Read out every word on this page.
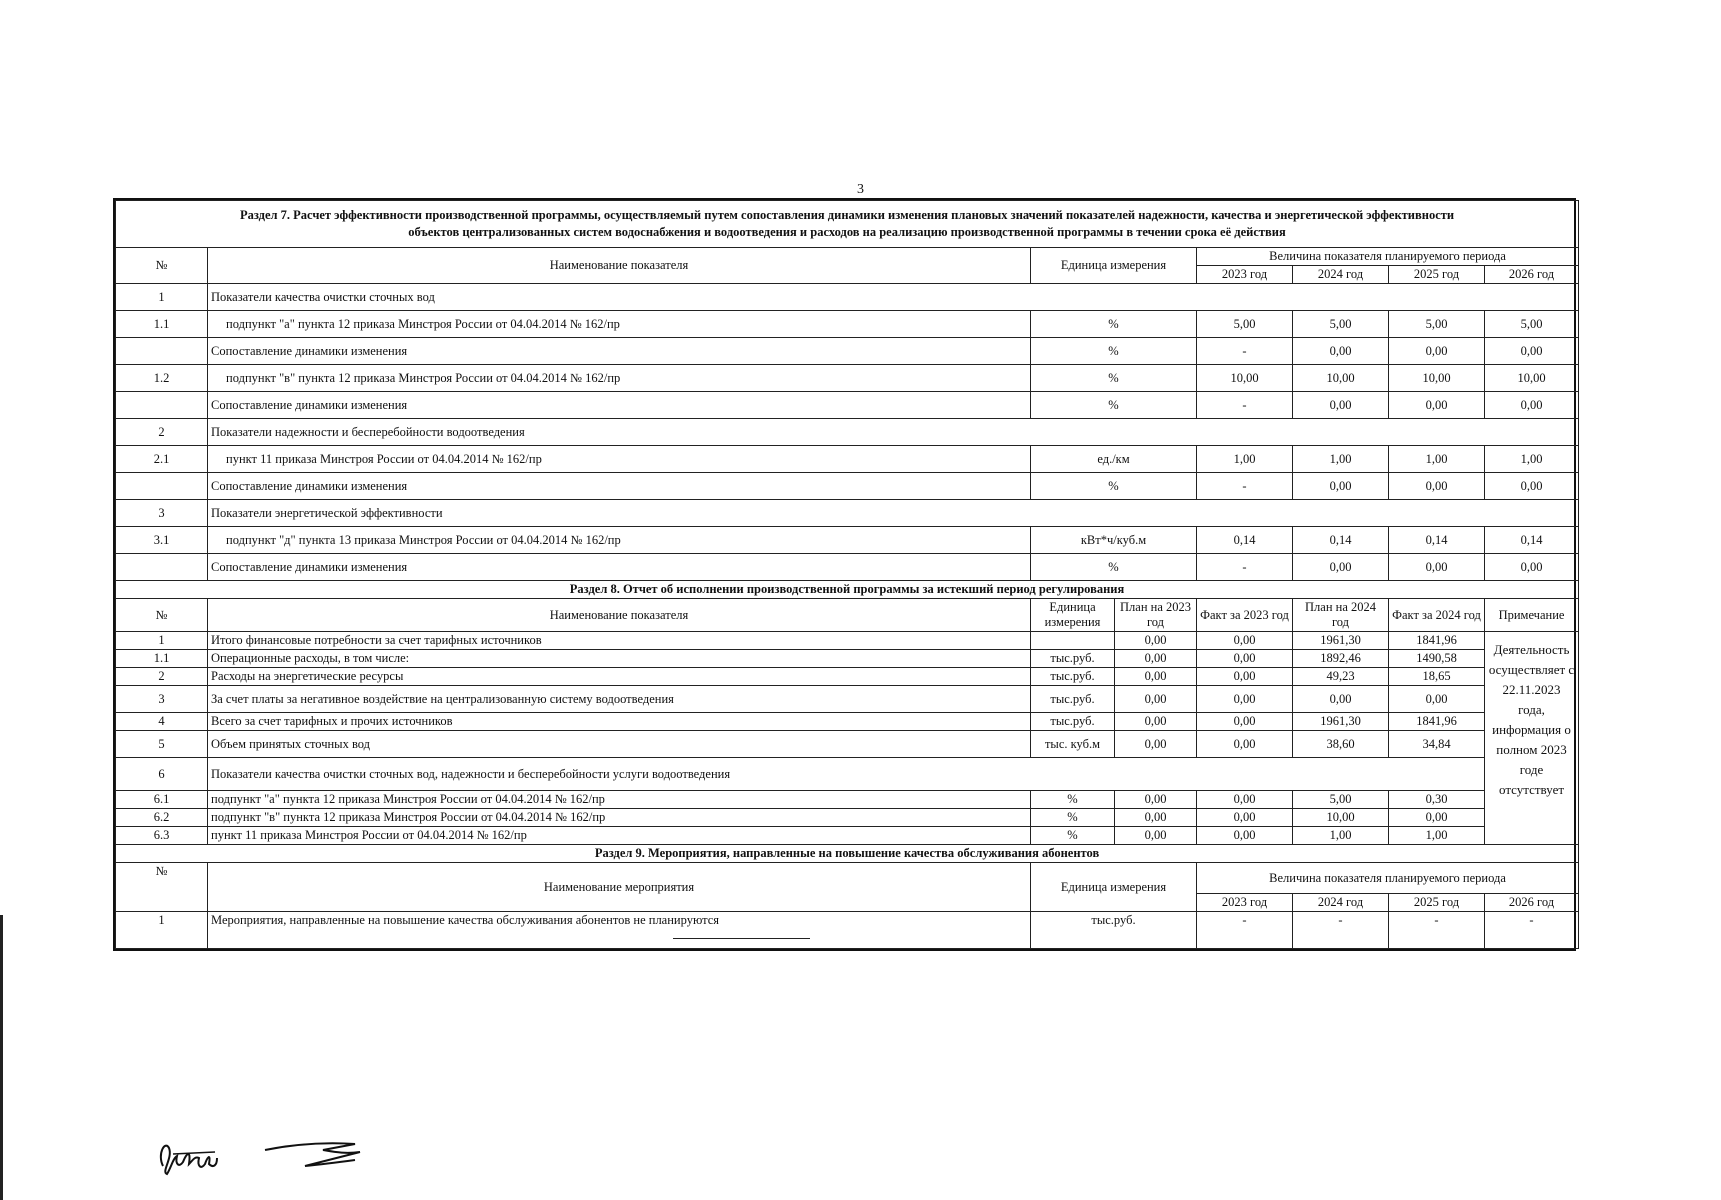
3
Раздел 7. Расчет эффективности производственной программы, осуществляемый путем сопоставления динамики изменения плановых значений показателей надежности, качества и энергетической эффективности
объектов централизованных систем водоснабжения и водоотведения и расходов на реализацию производственной программы в течении срока её действия							

№	Наименование показателя	Единица измерения		Величина показателя планируемого периода			
				2023 год	2024 год	2025 год	2026 год
1	Показатели качества очистки сточных вод						
1.1	подпункт "а" пункта 12 приказа Минстроя России от 04.04.2014 № 162/пр	%		5,00	5,00	5,00	5,00
	Сопоставление динамики изменения	%		-	0,00	0,00	0,00
1.2	подпункт "в" пункта 12 приказа Минстроя России от 04.04.2014 № 162/пр	%		10,00	10,00	10,00	10,00
	Сопоставление динамики изменения	%		-	0,00	0,00	0,00
2	Показатели надежности и бесперебойности водоотведения						
2.1	пункт 11 приказа Минстроя России от 04.04.2014 № 162/пр	ед./км		1,00	1,00	1,00	1,00
	Сопоставление динамики изменения	%		-	0,00	0,00	0,00
3	Показатели энергетической эффективности						
3.1	подпункт "д" пункта 13 приказа Минстроя России от 04.04.2014 № 162/пр	кВт*ч/куб.м		0,14	0,14	0,14	0,14
	Сопоставление динамики изменения	%		-	0,00	0,00	0,00
Раздел 8. Отчет об исполнении производственной программы за истекший период регулирования							
№	Наименование показателя	Единица измерения	План на 2023 год	Факт за 2023 год	План на 2024 год	Факт за 2024 год	Примечание
1	Итого финансовые потребности за счет тарифных источников		0,00	0,00	1961,30	1841,96	Деятельность осуществляет с 22.11.2023 года, информация о полном 2023 годе отсутствует
1.1	Операционные расходы, в том числе:	тыс.руб.	0,00	0,00	1892,46	1490,58	
2	Расходы на энергетические ресурсы	тыс.руб.	0,00	0,00	49,23	18,65	
3	За счет платы за негативное воздействие на централизованную систему водоотведения	тыс.руб.	0,00	0,00	0,00	0,00	
4	Всего за счет тарифных и прочих источников	тыс.руб.	0,00	0,00	1961,30	1841,96	
5	Объем принятых сточных вод	тыс. куб.м	0,00	0,00	38,60	34,84	
6	Показатели качества очистки сточных вод, надежности и бесперебойности услуги водоотведения						
6.1	подпункт "а" пункта 12 приказа Минстроя России от 04.04.2014 № 162/пр	%	0,00	0,00	5,00	0,30	
6.2	подпункт "в" пункта 12 приказа Минстроя России от 04.04.2014 № 162/пр	%	0,00	0,00	10,00	0,00	
6.3	пункт 11 приказа Минстроя России от 04.04.2014 № 162/пр	%	0,00	0,00	1,00	1,00	
Раздел 9. Мероприятия, направленные на повышение качества обслуживания абонентов							
№	Наименование мероприятия	Единица измерения		Величина показателя планируемого периода			
				2023 год	2024 год	2025 год	2026 год
1	Мероприятия, направленные на повышение качества обслуживания абонентов не планируются	тыс.руб.		-	-	-	-
